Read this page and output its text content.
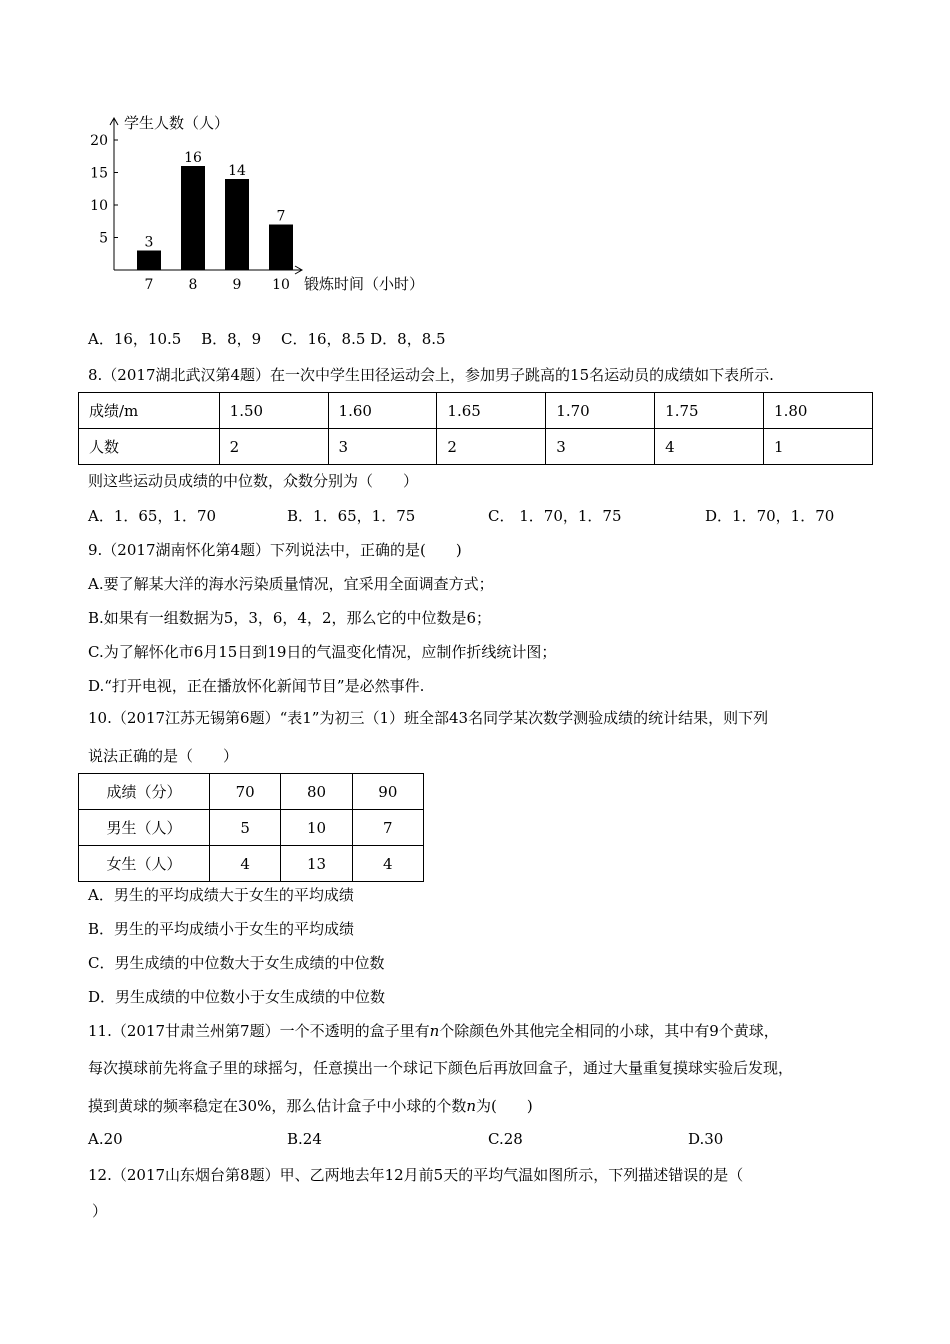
5
10
15
20
学生人数（人）
锻炼时间（小时）
3
7
16
8
14
9
7
10
A．16，10.5　 B．8，9　 C．16，8.5 D．8，8.5
8.（2017湖北武汉第4题）在一次中学生田径运动会上，参加男子跳高的15名运动员的成绩如下表所示.
成绩/m	1.50	1.60	1.65	1.70	1.75	1.80
人数	2	3	2	3	4	1
则这些运动员成绩的中位数，众数分别为（　　）
A．1．65，1．70	B．1．65，1．75	C． 1．70，1．75	D．1．70，1．70
9.（2017湖南怀化第4题）下列说法中，正确的是(　　)
A.要了解某大洋的海水污染质量情况，宜采用全面调查方式；
B.如果有一组数据为5，3，6，4，2，那么它的中位数是6；
C.为了解怀化市6月15日到19日的气温变化情况，应制作折线统计图；
D.“打开电视，正在播放怀化新闻节目”是必然事件.
10.（2017江苏无锡第6题）“表1”为初三（1）班全部43名同学某次数学测验成绩的统计结果，则下列
说法正确的是（　　）
成绩（分）	70	80	90
男生（人）	5	10	7
女生（人）	4	13	4
A．男生的平均成绩大于女生的平均成绩
B．男生的平均成绩小于女生的平均成绩
C．男生成绩的中位数大于女生成绩的中位数
D．男生成绩的中位数小于女生成绩的中位数
11.（2017甘肃兰州第7题）一个不透明的盒子里有n个除颜色外其他完全相同的小球，其中有9个黄球，
每次摸球前先将盒子里的球摇匀，任意摸出一个球记下颜色后再放回盒子，通过大量重复摸球实验后发现，
摸到黄球的频率稳定在30%，那么估计盒子中小球的个数n为(　　)
A.20	B.24	C.28	D.30
12.（2017山东烟台第8题）甲、乙两地去年12月前5天的平均气温如图所示，下列描述错误的是（
）
